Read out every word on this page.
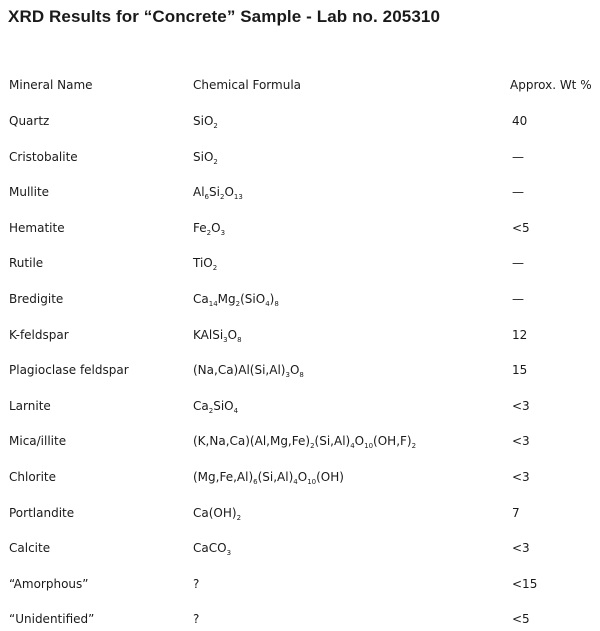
XRD Results for “Concrete” Sample - Lab no. 205310
Mineral Name	Chemical Formula	Approx. Wt %
Quartz	SiO$_2$	40
Cristobalite	SiO$_2$	—
Mullite	$Al_6Si_2O_{13}$	—
Hematite	$Fe_2O_3$	<5
Rutile	TiO$_2$	—
Bredigite	$Ca_{14}Mg_2(SiO_4)_8$	—
K-feldspar	$KAlSi_3O_8$	12
Plagioclase feldspar	$(Na,Ca)Al(Si,Al)_3O_8$	15
Larnite	$Ca_2SiO_4$	<3
Mica/illite	$(K,Na,Ca)(Al,Mg,Fe)_2(Si,Al)_4O_{10}(OH,F)_2$	<3
Chlorite	$(Mg,Fe,Al)_6(Si,Al)_4O_{10}(OH)$	<3
Portlandite	$Ca(OH)_2$	7
Calcite	CaCO$_3$	<3
“Amorphous”	?	<15
“Unidentified”	?	<5
